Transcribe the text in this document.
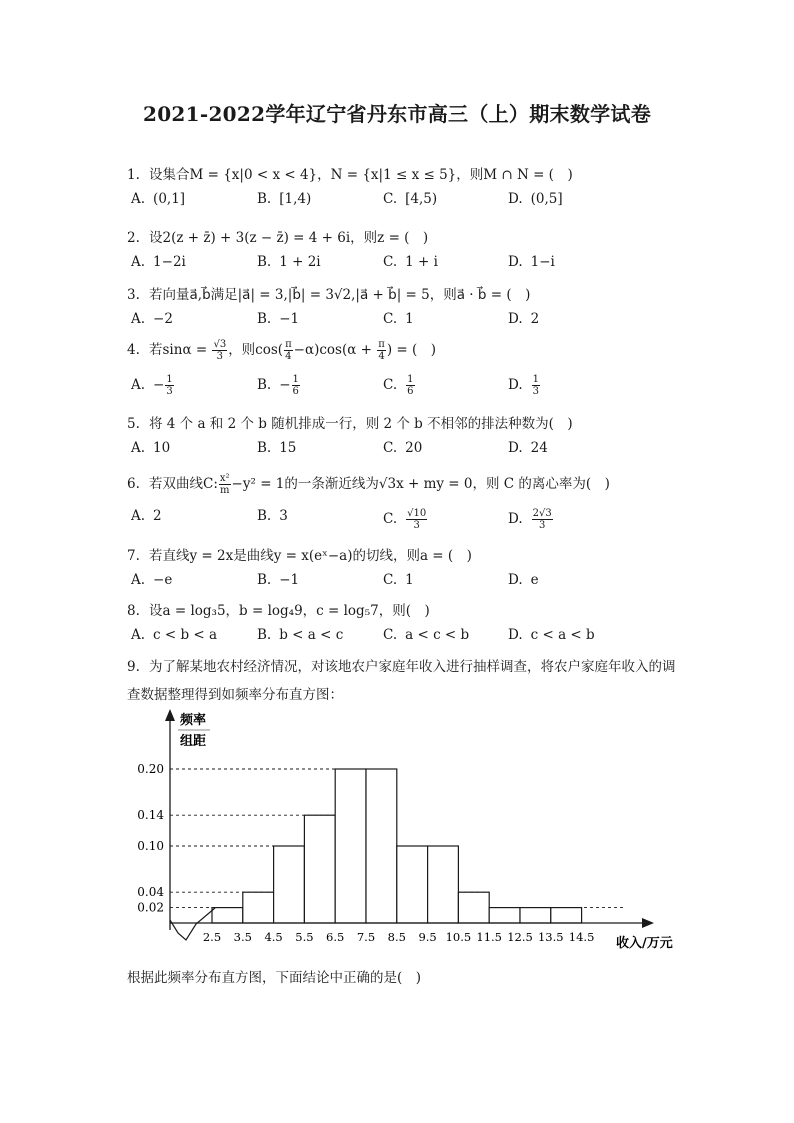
2021-2022学年辽宁省丹东市高三（上）期末数学试卷
1. 设集合M = {x|0 < x < 4}，N = {x|1 ≤ x ≤ 5}，则M ∩ N = (　)
A. (0,1]	B. [1,4)	C. [4,5)	D. (0,5]
2. 设2(z + z̄) + 3(z − z̄) = 4 + 6i，则z = (　)
A. 1−2i	B. 1 + 2i	C. 1 + i	D. 1−i
3. 若向量a⃗,b⃗满足|a⃗| = 3,|b⃗| = 3√2,|a⃗ + b⃗| = 5，则a⃗ · b⃗ = (　)
A. −2	B. −1	C. 1	D. 2
4. 若$\sin\alpha = \frac{√3}{3}$ ，则$\cos( \frac{\pi}{4} -\alpha)\cos(\alpha + \frac{\pi}{4}$ ) = (　)
A. − $\frac{1}{3}$	B. − $\frac{1}{6}$	C. $\frac{1}{6}$	D. $\frac{1}{3}$
5. 将 4 个 a 和 2 个 b 随机排成一行，则 2 个 b 不相邻的排法种数为(　)
A. 10	B. 15	C. 20	D. 24
6. 若双曲线C: $\frac{\text{x²}}{m} -y^2 = 1$的一条渐近线为√3x + my = 0，则 C 的离心率为(　)
A. 2	B. 3	C. $\frac{√10}{3}$	D. $\frac{2√3}{3}$
7. 若直线y = 2x是曲线y = x(eˣ−a)的切线，则a = (　)
A. −e	B. −1	C. 1	D. e
8. 设a = log₃5，b = log₄9，c = log₅7，则(　)
A. c < b < a	B. b < a < c	C. a < c < b	D. c < a < b
9. 为了解某地农村经济情况，对该地农户家庭年收入进行抽样调查，将农户家庭年收入的调
查数据整理得到如频率分布直方图：
0.02
0.04
0.10
0.14
0.20
2.5 3.5 4.5 5.5 6.5 7.5 8.5 9.5 10.5 11.5 12.5 13.5 14.5
频率
组距
收入/万元
根据此频率分布直方图，下面结论中正确的是(　)
